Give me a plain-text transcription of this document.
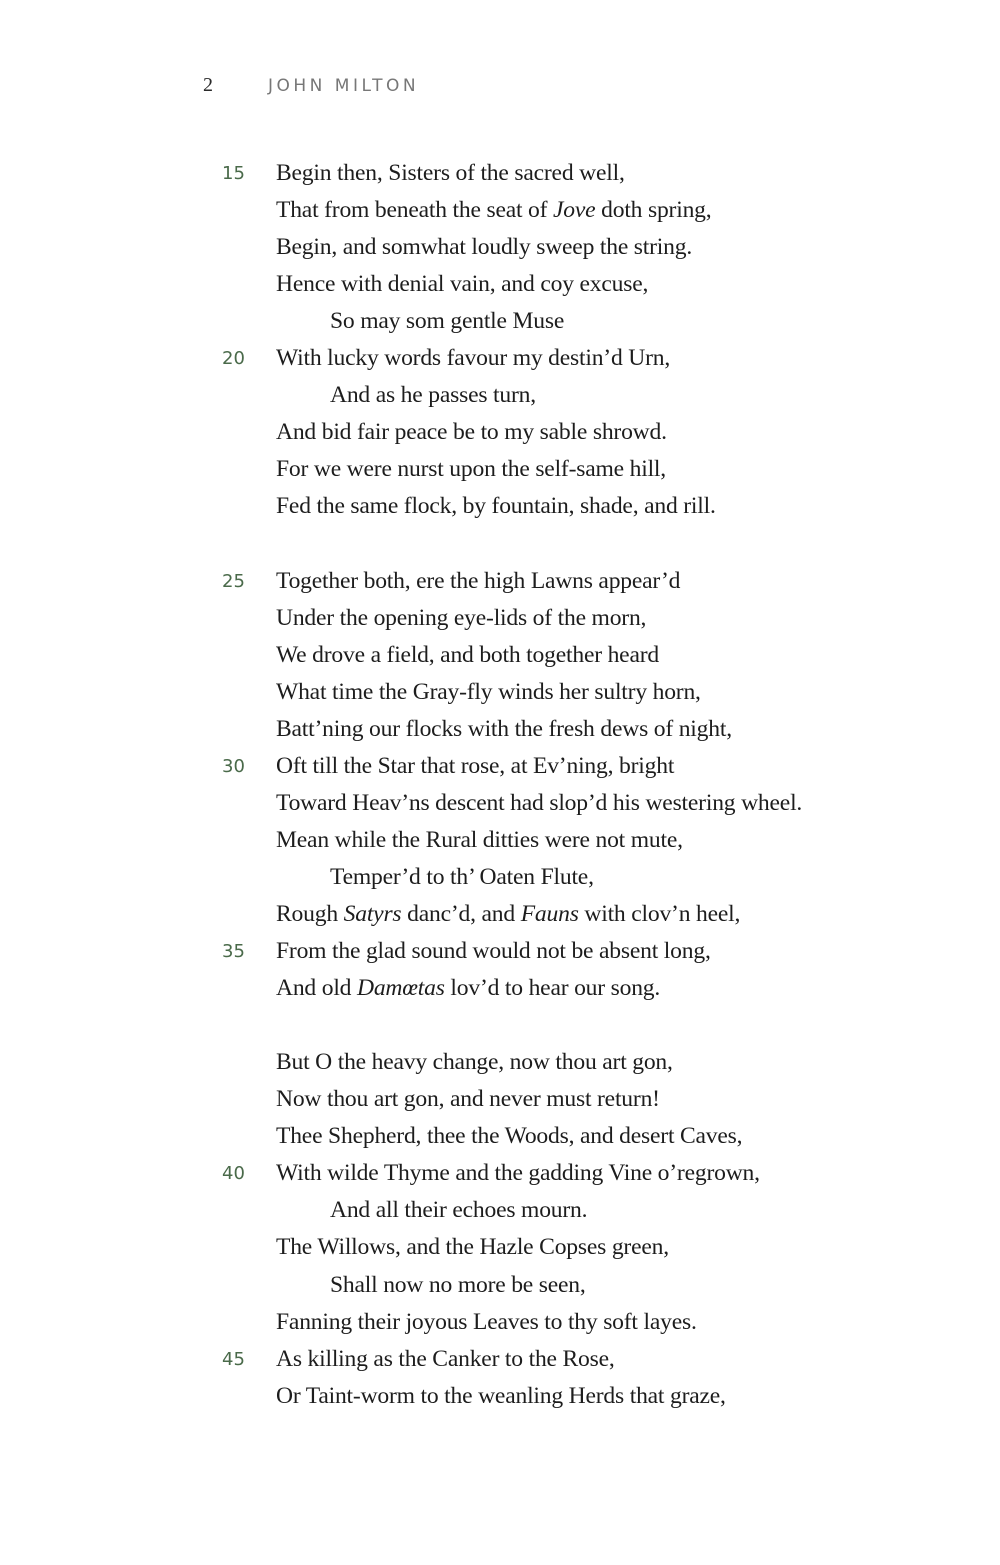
2	JOHN MILTON
Begin then, Sisters of the sacred well,
15
That from beneath the seat of Jove doth spring,
Begin, and somwhat loudly sweep the string.
Hence with denial vain, and coy excuse,
So may som gentle Muse
With lucky words favour my destin’d Urn,
20
And as he passes turn,
And bid fair peace be to my sable shrowd.
For we were nurst upon the self-same hill,
Fed the same flock, by fountain, shade, and rill.
Together both, ere the high Lawns appear’d
25
Under the opening eye-lids of the morn,
We drove a field, and both together heard
What time the Gray-fly winds her sultry horn,
Batt’ning our flocks with the fresh dews of night,
Oft till the Star that rose, at Ev’ning, bright
30
Toward Heav’ns descent had slop’d his westering wheel.
Mean while the Rural ditties were not mute,
Temper’d to th’ Oaten Flute,
Rough Satyrs danc’d, and Fauns with clov’n heel,
From the glad sound would not be absent long,
35
And old Damœtas lov’d to hear our song.
But O the heavy change, now thou art gon,
Now thou art gon, and never must return!
Thee Shepherd, thee the Woods, and desert Caves,
With wilde Thyme and the gadding Vine o’regrown,
40
And all their echoes mourn.
The Willows, and the Hazle Copses green,
Shall now no more be seen,
Fanning their joyous Leaves to thy soft layes.
As killing as the Canker to the Rose,
45
Or Taint-worm to the weanling Herds that graze,
